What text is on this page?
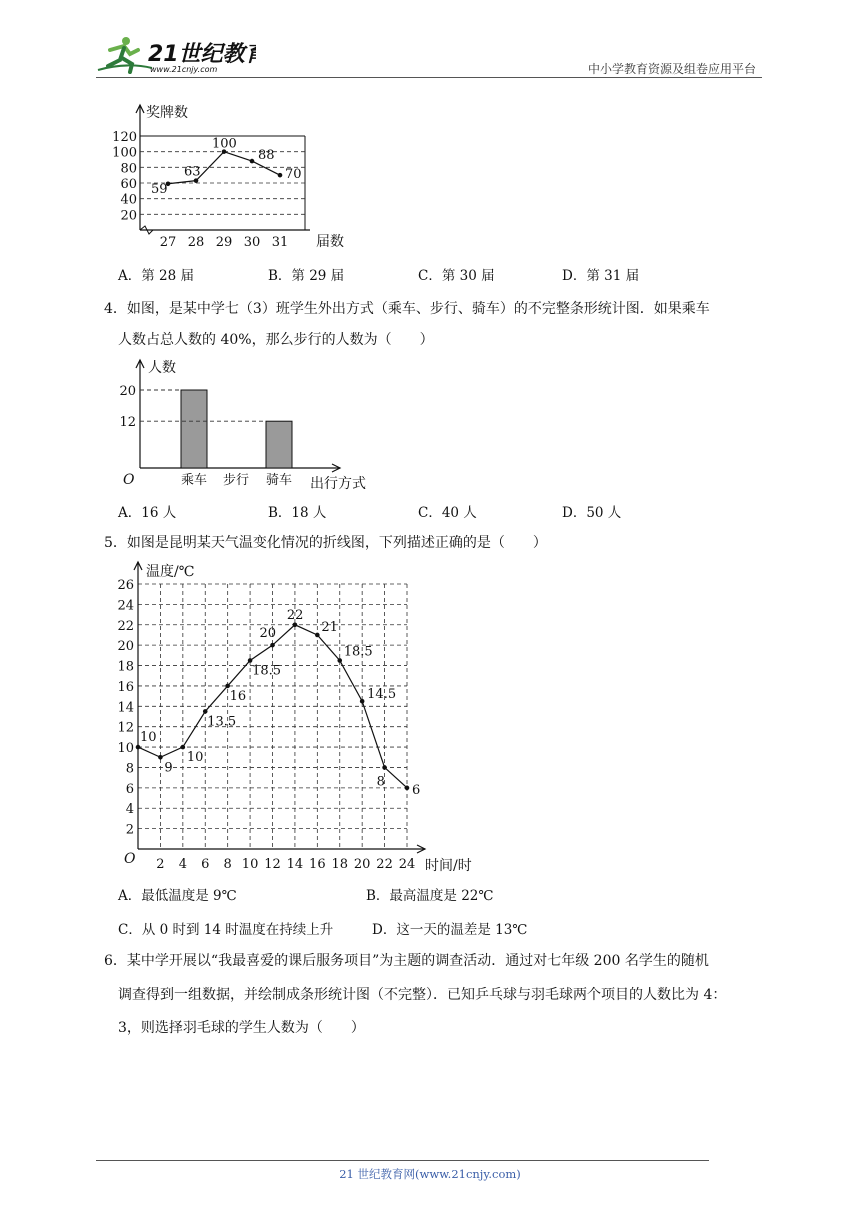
21世纪教育
www.21cnjy.com	中小学教育资源及组卷应用平台
20
40
60
80
100
120
奖牌数
27 28 29 30 31 届数
59
63
100
88
70
A．第 28 届	B．第 29 届	C．第 30 届	D．第 31 届
4．如图，是某中学七（3）班学生外出方式（乘车、步行、骑车）的不完整条形统计图．如果乘车
人数占总人数的 40%，那么步行的人数为（　　）
人数
出行方式
O
20
乘车 步行
12
骑车
A．16 人	B．18 人	C．40 人	D．50 人
5．如图是昆明某天气温变化情况的折线图，下列描述正确的是（　　）
温度/℃
时间/时
O
2
4
6
8
10
12
14
16
18
20
22
24
26
2 4 6 8 10 12 14 16 18 20 22 24
10
9
10
13.5
16
18.5
20
22
21
18.5
14.5
8
6
A．最低温度是 9℃	B．最高温度是 22℃
C．从 0 时到 14 时温度在持续上升	D．这一天的温差是 13℃
6．某中学开展以“我最喜爱的课后服务项目”为主题的调查活动．通过对七年级 200 名学生的随机
调查得到一组数据，并绘制成条形统计图（不完整）．已知乒乓球与羽毛球两个项目的人数比为 4：
3，则选择羽毛球的学生人数为（　　）
21 世纪教育网(www.21cnjy.com)
